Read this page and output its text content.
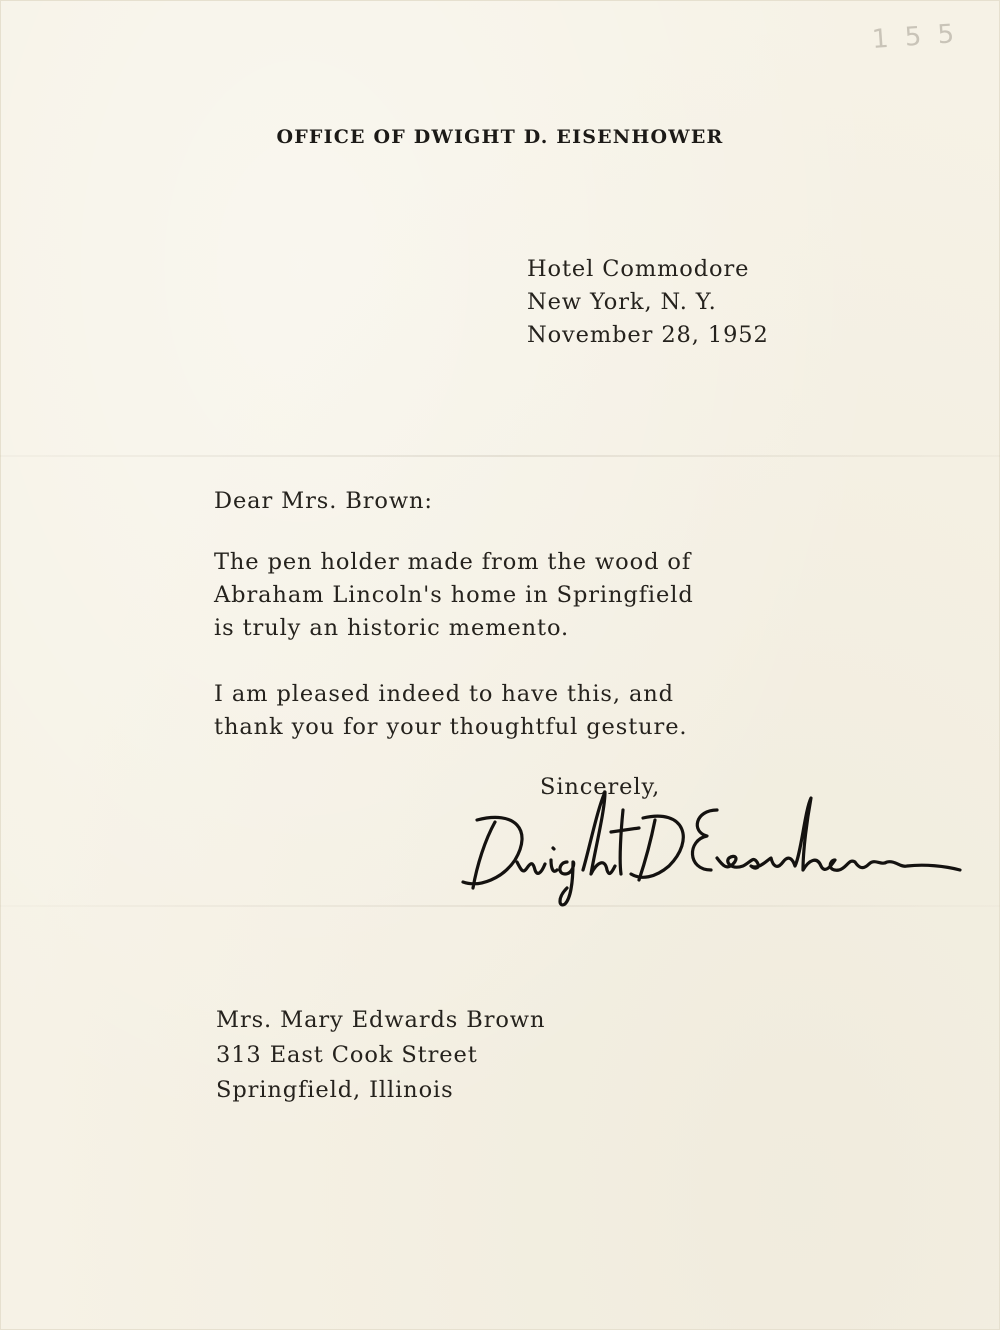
1 5 5
OFFICE OF DWIGHT D. EISENHOWER
Hotel Commodore
New York, N. Y.
November 28, 1952
Dear Mrs. Brown:
The pen holder made from the wood of
Abraham Lincoln's home in Springfield
is truly an historic memento.
I am pleased indeed to have this, and
thank you for your thoughtful gesture.
Sincerely,
Dwight D. Eisenhower
Mrs. Mary Edwards Brown
313 East Cook Street
Springfield, Illinois
